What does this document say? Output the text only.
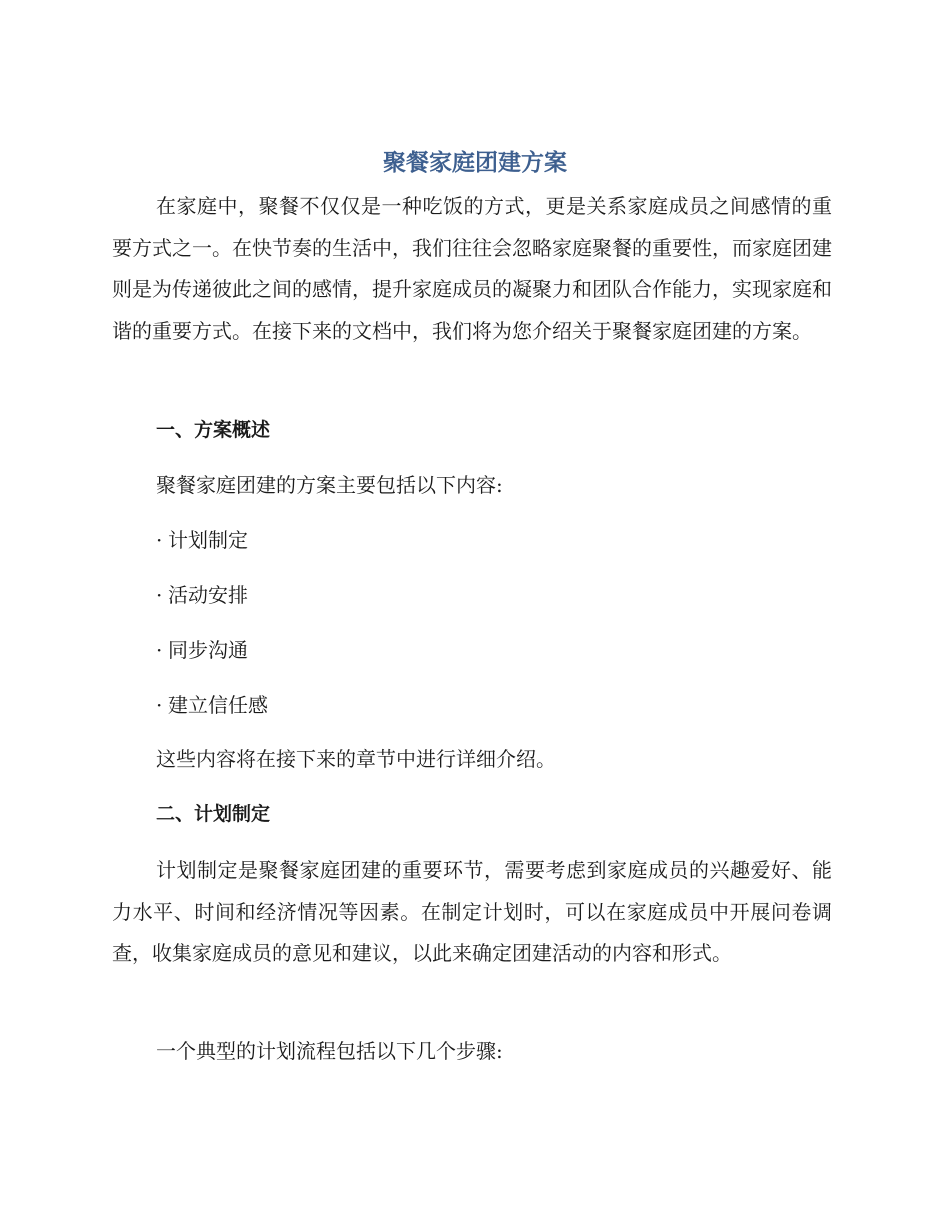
聚餐家庭团建方案

在家庭中，聚餐不仅仅是一种吃饭的方式，更是关系家庭成员之间感情的重要方式之一。在快节奏的生活中，我们往往会忽略家庭聚餐的重要性，而家庭团建则是为传递彼此之间的感情，提升家庭成员的凝聚力和团队合作能力，实现家庭和谐的重要方式。在接下来的文档中，我们将为您介绍关于聚餐家庭团建的方案。

一、方案概述

聚餐家庭团建的方案主要包括以下内容:

· 计划制定

· 活动安排

· 同步沟通

· 建立信任感

这些内容将在接下来的章节中进行详细介绍。

二、计划制定

计划制定是聚餐家庭团建的重要环节，需要考虑到家庭成员的兴趣爱好、能力水平、时间和经济情况等因素。在制定计划时，可以在家庭成员中开展问卷调查，收集家庭成员的意见和建议，以此来确定团建活动的内容和形式。

一个典型的计划流程包括以下几个步骤:
